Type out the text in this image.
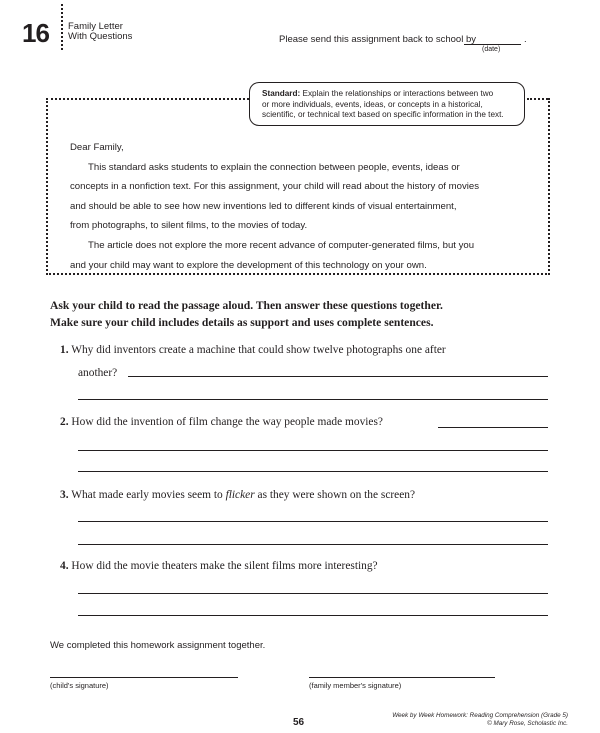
16 Family Letter
With Questions	Please send this assignment back to school by	.
(date)
Standard: Explain the relationships or interactions between two
or more individuals, events, ideas, or concepts in a historical,
scientific, or technical text based on specific information in the text.

Dear Family,

This standard asks students to explain the connection between people, events, ideas or

concepts in a nonfiction text. For this assignment, your child will read about the history of movies

and should be able to see how new inventions led to different kinds of visual entertainment,

from photographs, to silent films, to the movies of today.

The article does not explore the more recent advance of computer-generated films, but you

and your child may want to explore the development of this technology on your own.

Ask your child to read the passage aloud. Then answer these questions together.
Make sure your child includes details as support and uses complete sentences.
1. Why did inventors create a machine that could show twelve photographs one after
another?
2. How did the invention of film change the way people made movies?
3. What made early movies seem to flicker as they were shown on the screen?
4. How did the movie theaters make the silent films more interesting?
We completed this homework assignment together.
(child's signature)	(family member's signature)
56
Week by Week Homework: Reading Comprehension (Grade 5)
© Mary Rose, Scholastic Inc.
